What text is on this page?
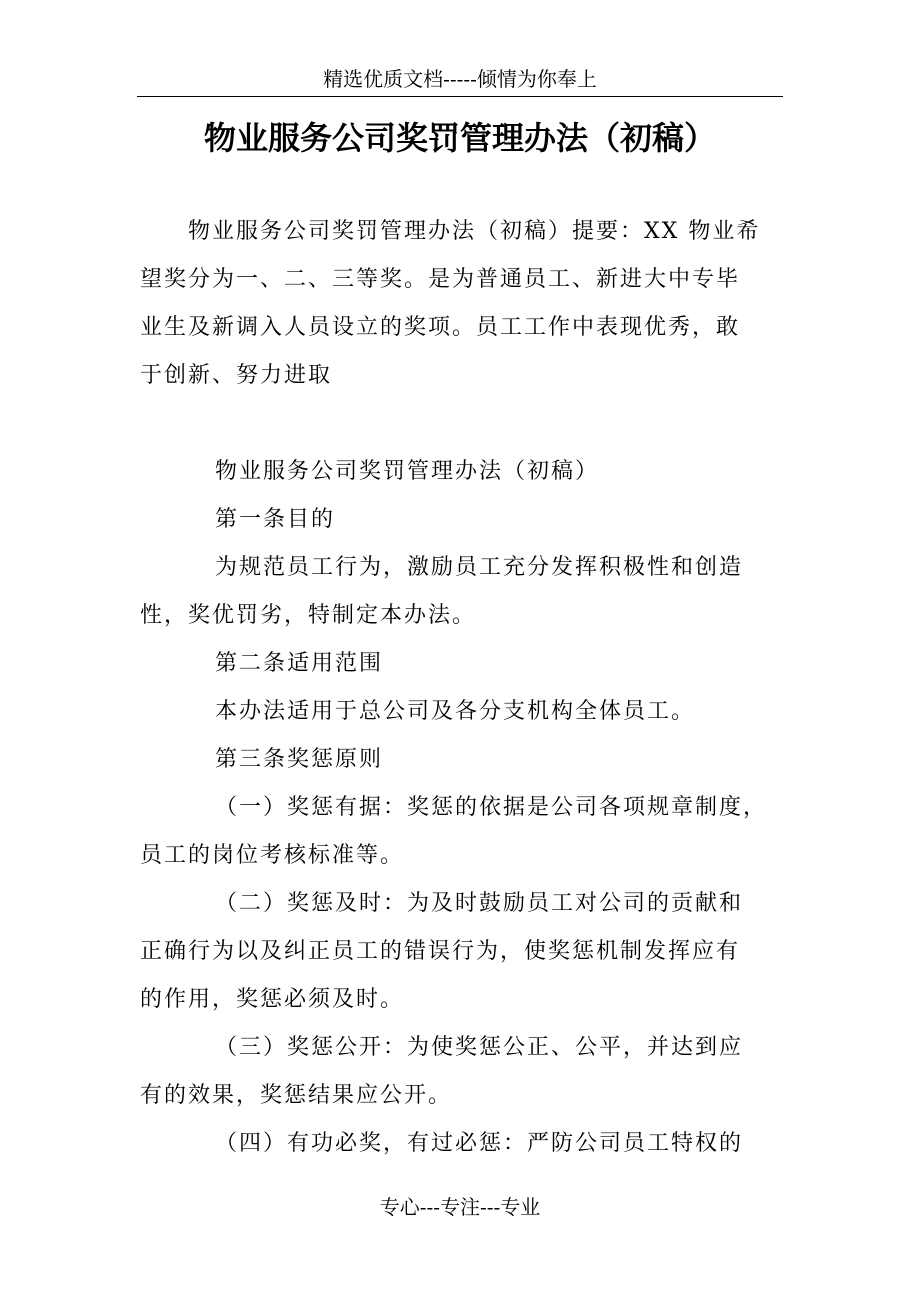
精选优质文档-----倾情为你奉上
物业服务公司奖罚管理办法（初稿）
物业服务公司奖罚管理办法（初稿）提要：XX 物业希
望奖分为一、二、三等奖。是为普通员工、新进大中专毕
业生及新调入人员设立的奖项。员工工作中表现优秀，敢
于创新、努力进取
物业服务公司奖罚管理办法（初稿）
第一条目的
为规范员工行为，激励员工充分发挥积极性和创造
性，奖优罚劣，特制定本办法。
第二条适用范围
本办法适用于总公司及各分支机构全体员工。
第三条奖惩原则
（一）奖惩有据：奖惩的依据是公司各项规章制度，
员工的岗位考核标准等。
（二）奖惩及时：为及时鼓励员工对公司的贡献和
正确行为以及纠正员工的错误行为，使奖惩机制发挥应有
的作用，奖惩必须及时。
（三）奖惩公开：为使奖惩公正、公平，并达到应
有的效果，奖惩结果应公开。
（四）有功必奖，有过必惩：严防公司员工特权的
专心---专注---专业
